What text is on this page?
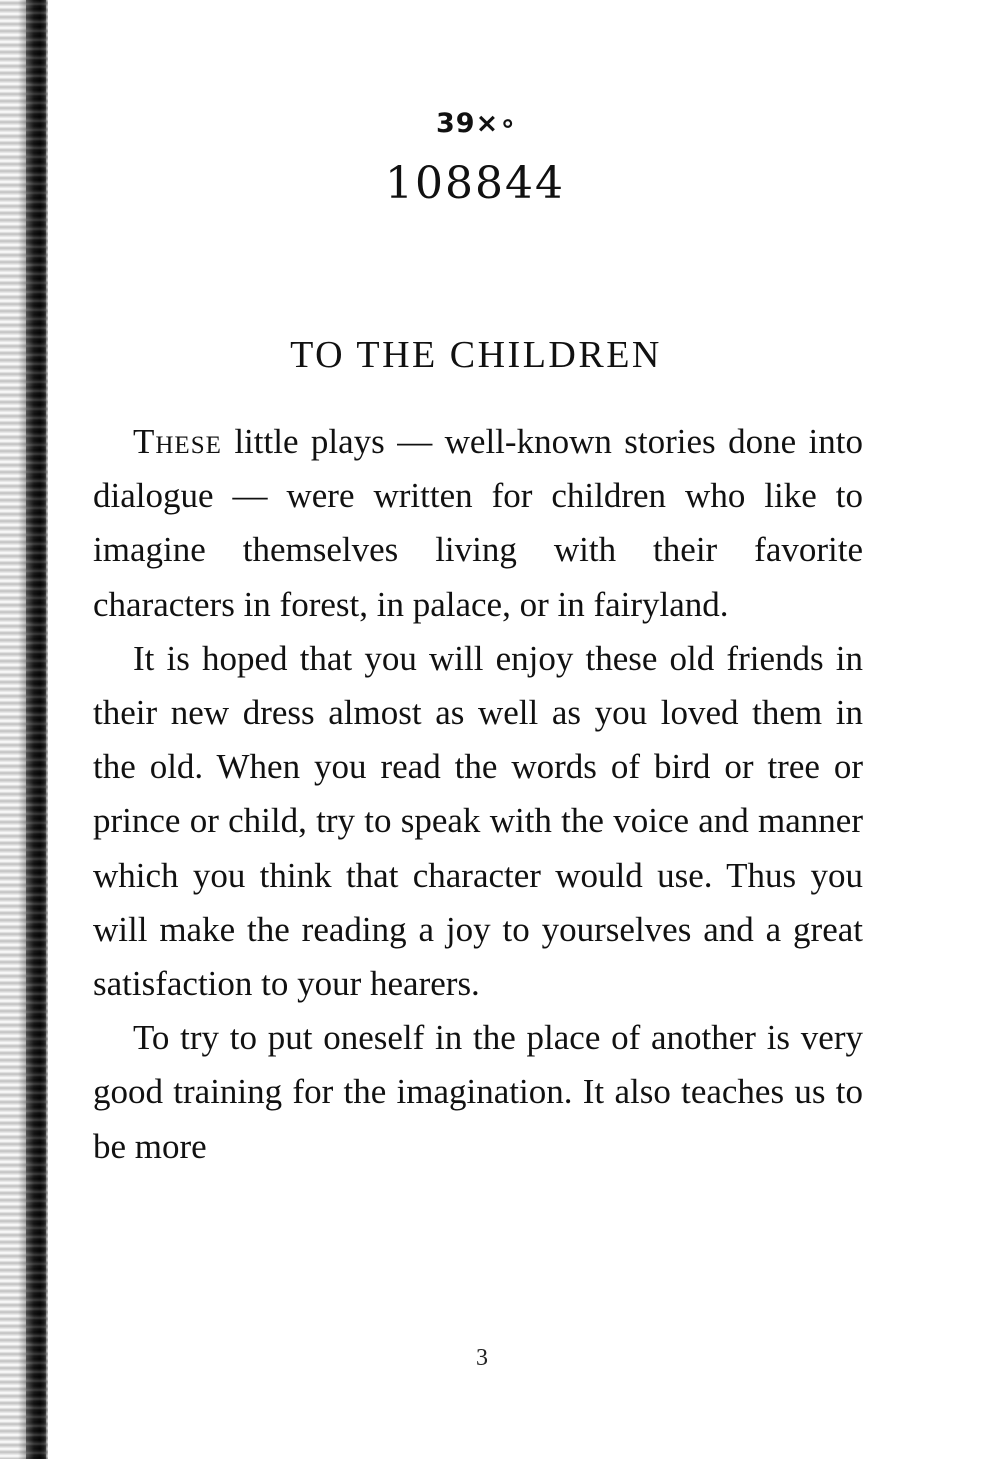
39×∘
108844
TO THE CHILDREN

These little plays — well-known stories done into dialogue — were written for children who like to imagine themselves living with their favorite characters in forest, in palace, or in fairyland.

It is hoped that you will enjoy these old friends in their new dress almost as well as you loved them in the old. When you read the words of bird or tree or prince or child, try to speak with the voice and manner which you think that character would use. Thus you will make the reading a joy to yourselves and a great satisfaction to your hearers.

To try to put oneself in the place of another is very good training for the imagination. It also teaches us to be more

3
